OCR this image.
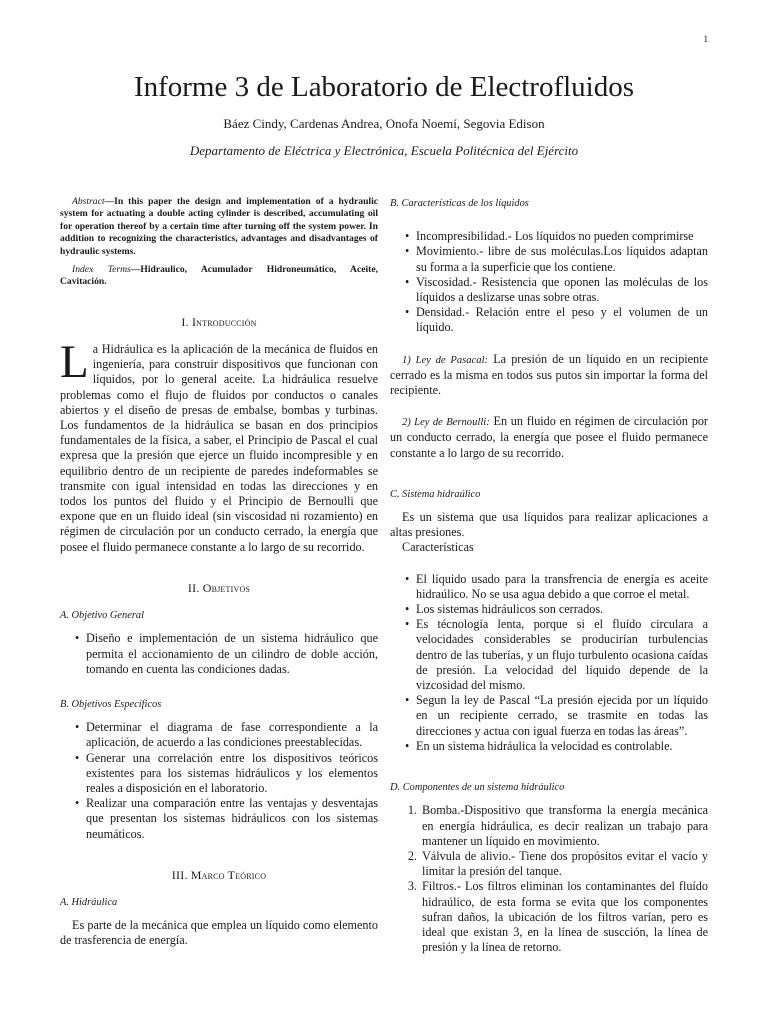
1
Informe 3 de Laboratorio de Electrofluidos
Báez Cindy, Cardenas Andrea, Onofa Noemí, Segovia Edison
Departamento de Eléctrica y Electrónica, Escuela Politécnica del Ejército

Abstract—In this paper the design and implementation of a hydraulic system for actuating a double acting cylinder is described, accumulating oil for operation thereof by a certain time after turning off the system power. In addition to recognizing the characteristics, advantages and disadvantages of hydraulic systems.

Index Terms—Hidraulico, Acumulador Hidroneumático, Aceite, Cavitación.

I. Introducción

La Hidráulica es la aplicación de la mecánica de fluidos en ingeniería, para construir dispositivos que funcionan con líquidos, por lo general aceite. La hidráulica resuelve problemas como el flujo de fluidos por conductos o canales abiertos y el diseño de presas de embalse, bombas y turbinas. Los fundamentos de la hidráulica se basan en dos principios fundamentales de la física, a saber, el Principio de Pascal el cual expresa que la presión que ejerce un fluido incompresible y en equilibrio dentro de un recipiente de paredes indeformables se transmite con igual intensidad en todas las direcciones y en todos los puntos del fluido y el Principio de Bernoulli que expone que en un fluido ideal (sin viscosidad ni rozamiento) en régimen de circulación por un conducto cerrado, la energía que posee el fluido permanece constante a lo largo de su recorrido.

II. Objetivos
A. Objetivo General
• Diseño e implementación de un sistema hidráulico que permita el accionamiento de un cilindro de doble acción, tomando en cuenta las condiciones dadas.
B. Objetivos Específicos
• Determinar el diagrama de fase correspondiente a la aplicación, de acuerdo a las condiciones preestablecidas.
• Generar una correlación entre los dispositivos teóricos existentes para los sistemas hidráulicos y los elementos reales a disposición en el laboratorio.
• Realizar una comparación entre las ventajas y desventajas que presentan los sistemas hidráulicos con los sistemas neumáticos.
III. Marco Teórico
A. Hidráulica

Es parte de la mecánica que emplea un líquido como elemento de trasferencia de energía.

B. Características de los líquidos
• Incompresibilidad.- Los líquidos no pueden comprimirse
• Movimiento.- libre de sus moléculas.Los líquidos adaptan su forma a la superficie que los contiene.
• Viscosidad.- Resistencia que oponen las moléculas de los líquidos a deslizarse unas sobre otras.
• Densidad.- Relación entre el peso y el volumen de un líquido.

1) Ley de Pasacal: La presión de un líquido en un recipiente cerrado es la misma en todos sus putos sin importar la forma del recipiente.

2) Ley de Bernoulli: En un fluido en régimen de circulación por un conducto cerrado, la energía que posee el fluido permanece constante a lo largo de su recorrido.

C. Sistema hidraúlico

Es un sistema que usa líquidos para realizar aplicaciones a altas presiones.

Características

• El líquido usado para la transfrencia de energía es aceite hidraúlico. No se usa agua debido a que corroe el metal.
• Los sistemas hidráulicos son cerrados.
• Es técnología lenta, porque si el fluído circulara a velocidades considerables se producirían turbulencias dentro de las tuberías, y un flujo turbulento ocasiona caídas de presión. La velocidad del líquido depende de la vizcosidad del mismo.
• Segun la ley de Pascal “La presión ejecida por un líquido en un recipiente cerrado, se trasmite en todas las direcciones y actua con igual fuerza en todas las áreas”.
• En un sistema hidráulica la velocidad es controlable.
D. Componentes de un sistema hidráulico
1. Bomba.-Dispositivo que transforma la energía mecánica en energía hidráulica, es decir realizan un trabajo para mantener un líquido en movimiento.
2. Válvula de alivio.- Tiene dos propósitos evitar el vacío y limitar la presión del tanque.
3. Filtros.- Los filtros eliminan los contaminantes del fluído hidraúlico, de esta forma se evita que los componentes sufran daños, la ubicación de los filtros varían, pero es ideal que existan 3, en la línea de suscción, la línea de presión y la línea de retorno.
